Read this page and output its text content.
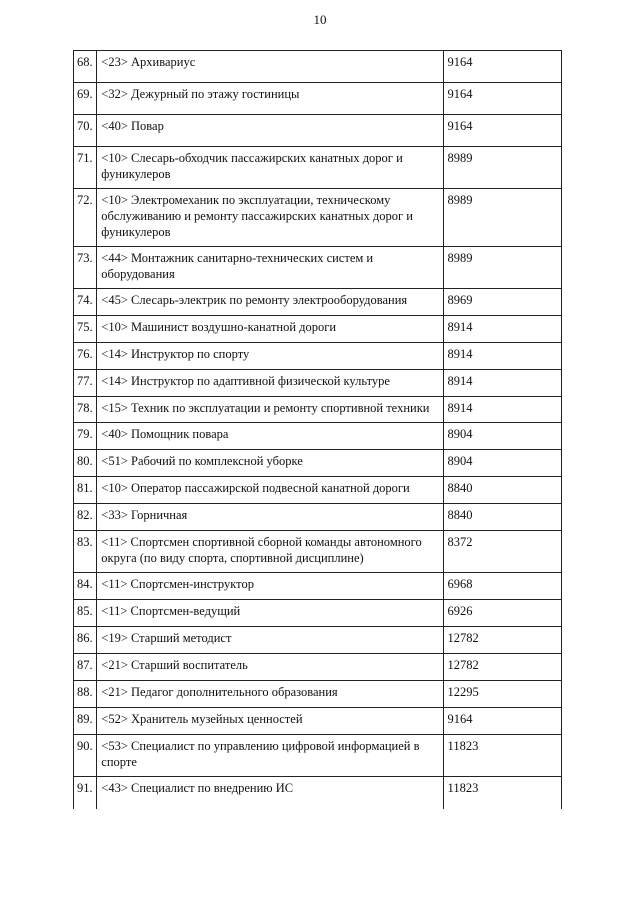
10
68.	<23> Архивариус	9164
69.	<32> Дежурный по этажу гостиницы	9164
70.	<40> Повар	9164
71.	<10> Слесарь-обходчик пассажирских канатных дорог и фуникулеров	8989
72.	<10> Электромеханик по эксплуатации, техническому обслуживанию и ремонту пассажирских канатных дорог и фуникулеров	8989
73.	<44> Монтажник санитарно-технических систем и оборудования	8989
74.	<45> Слесарь-электрик по ремонту электрооборудования	8969
75.	<10> Машинист воздушно-канатной дороги	8914
76.	<14> Инструктор по спорту	8914
77.	<14> Инструктор по адаптивной физической культуре	8914
78.	<15> Техник по эксплуатации и ремонту спортивной техники	8914
79.	<40> Помощник повара	8904
80.	<51> Рабочий по комплексной уборке	8904
81.	<10> Оператор пассажирской подвесной канатной дороги	8840
82.	<33> Горничная	8840
83.	<11> Спортсмен спортивной сборной команды автономного округа (по виду спорта, спортивной дисциплине)	8372
84.	<11> Спортсмен-инструктор	6968
85.	<11> Спортсмен-ведущий	6926
86.	<19> Старший методист	12782
87.	<21> Старший воспитатель	12782
88.	<21> Педагог дополнительного образования	12295
89.	<52> Хранитель музейных ценностей	9164
90.	<53> Специалист по управлению цифровой информацией в спорте	11823
91.	<43> Специалист по внедрению ИС	11823
